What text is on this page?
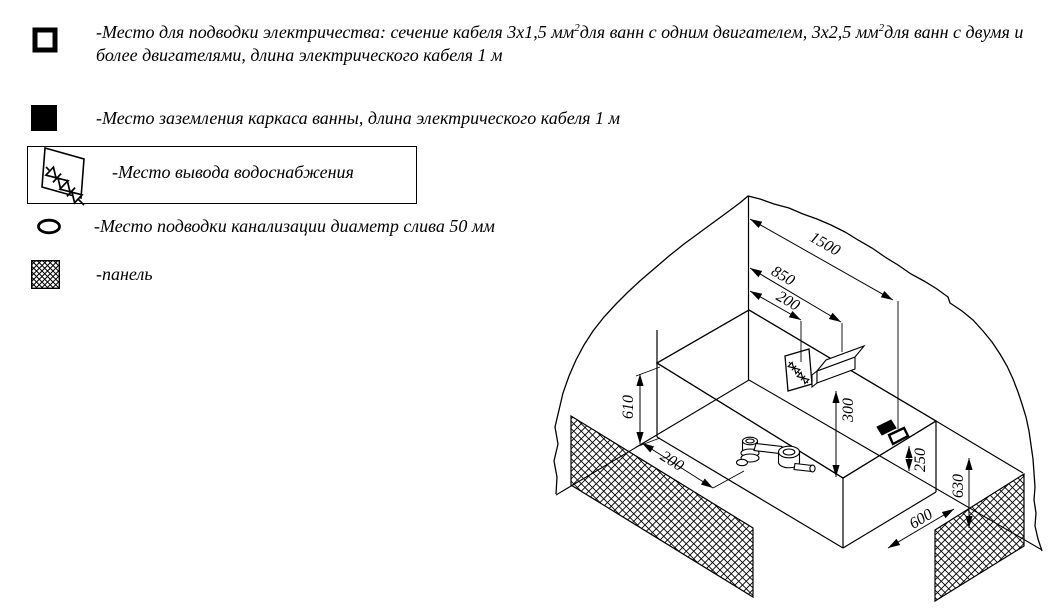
-Место для подводки электричества: сечение кабеля 3х1,5 $мм^2для$ ванн с одним двигателем, 3х2,5 $мм^2для$ ванн с двумя и
более двигателями, длина электрического кабеля 1 м
-Место заземления каркаса ванны, длина электрического кабеля 1 м
-Место вывода водоснабжения
-Место подводки канализации диаметр слива 50 мм
-панель
1500
850
200
610
200
300
250
630
600
